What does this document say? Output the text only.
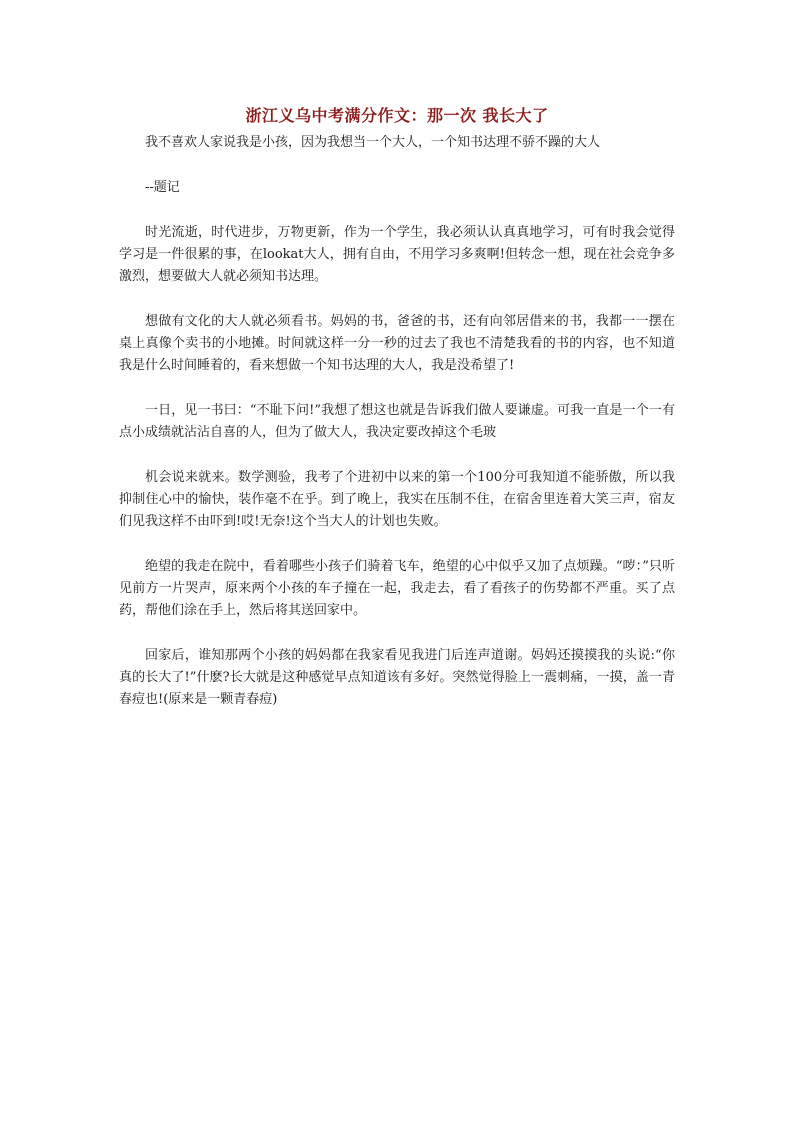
浙江义乌中考满分作文：那一次 我长大了

我不喜欢人家说我是小孩，因为我想当一个大人，一个知书达理不骄不躁的大人

--题记

时光流逝，时代进步，万物更新，作为一个学生，我必须认认真真地学习，可有时我会觉得学习是一件很累的事，在lookat大人，拥有自由，不用学习多爽啊!但转念一想，现在社会竞争多激烈，想要做大人就必须知书达理。

想做有文化的大人就必须看书。妈妈的书，爸爸的书，还有向邻居借来的书，我都一一摆在桌上真像个卖书的小地摊。时间就这样一分一秒的过去了我也不清楚我看的书的内容，也不知道我是什么时间睡着的，看来想做一个知书达理的大人，我是没希望了!

一日，见一书曰：“不耻下问!”我想了想这也就是告诉我们做人要谦虚。可我一直是一个一有点小成绩就沾沾自喜的人，但为了做大人，我决定要改掉这个毛玻

机会说来就来。数学测验，我考了个进初中以来的第一个100分可我知道不能骄傲，所以我抑制住心中的愉快，装作毫不在乎。到了晚上，我实在压制不住，在宿舍里连着大笑三声，宿友们见我这样不由吓到!哎!无奈!这个当大人的计划也失败。

绝望的我走在院中，看着哪些小孩子们骑着飞车，绝望的心中似乎又加了点烦躁。“哕：”只听见前方一片哭声，原来两个小孩的车子撞在一起，我走去，看了看孩子的伤势都不严重。买了点药，帮他们涂在手上，然后将其送回家中。

回家后，谁知那两个小孩的妈妈都在我家看见我进门后连声道谢。妈妈还摸摸我的头说:“你真的长大了!”什麽?长大就是这种感觉早点知道该有多好。突然觉得脸上一震刺痛，一摸，盖一青春痘也!(原来是一颗青春痘)
